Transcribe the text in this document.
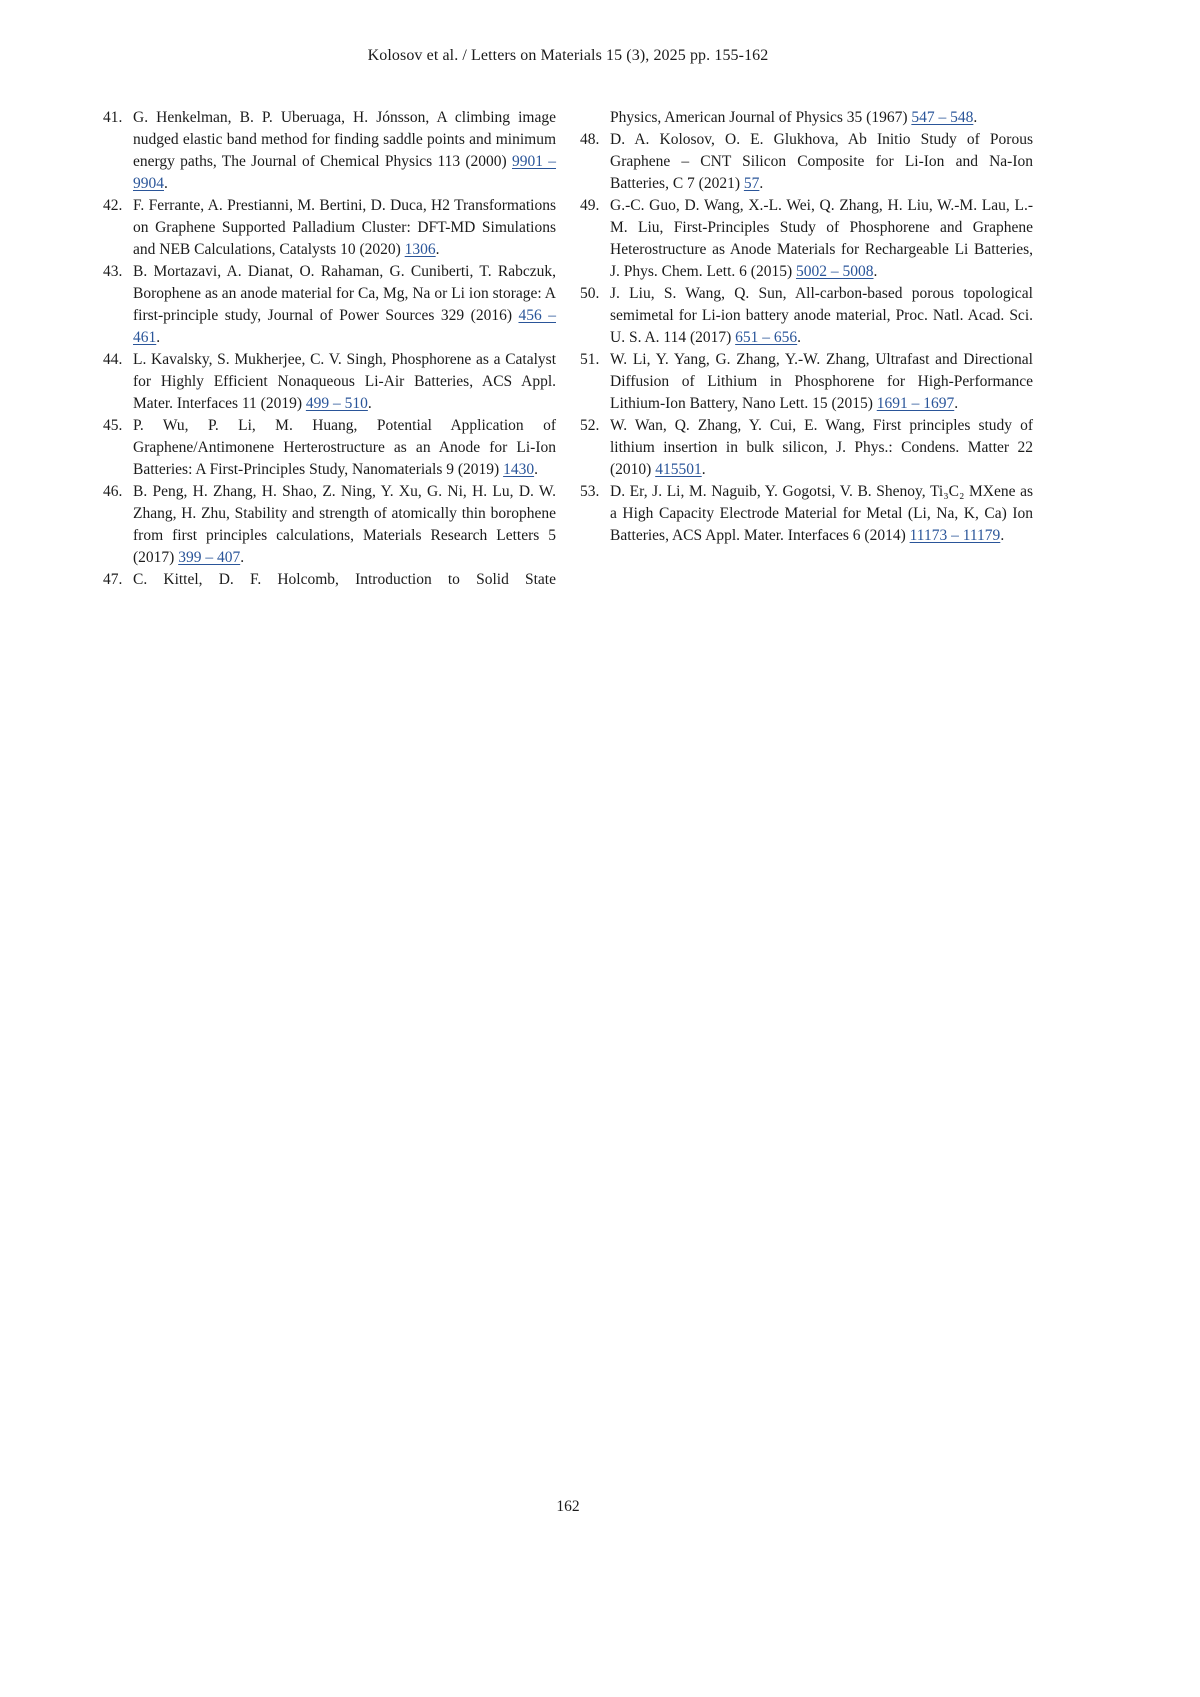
Kolosov et al. / Letters on Materials 15 (3), 2025 pp. 155-162

41. G. Henkelman, B. P. Uberuaga, H. Jónsson, A climbing image nudged elastic band method for finding saddle points and minimum energy paths, The Journal of Chemical Physics 113 (2000) 9901 – 9904.

42. F. Ferrante, A. Prestianni, M. Bertini, D. Duca, H2 Transformations on Graphene Supported Palladium Cluster: DFT-MD Simulations and NEB Calculations, Catalysts 10 (2020) 1306.

43. B. Mortazavi, A. Dianat, O. Rahaman, G. Cuniberti, T. Rabczuk, Borophene as an anode material for Ca, Mg, Na or Li ion storage: A first-principle study, Journal of Power Sources 329 (2016) 456 – 461.

44. L. Kavalsky, S. Mukherjee, C. V. Singh, Phosphorene as a Catalyst for Highly Efficient Nonaqueous Li-Air Batteries, ACS Appl. Mater. Interfaces 11 (2019) 499 – 510.

45. P. Wu, P. Li, M. Huang, Potential Application of Graphene/Antimonene Herterostructure as an Anode for Li-Ion Batteries: A First-Principles Study, Nanomaterials 9 (2019) 1430.

46. B. Peng, H. Zhang, H. Shao, Z. Ning, Y. Xu, G. Ni, H. Lu, D. W. Zhang, H. Zhu, Stability and strength of atomically thin borophene from first principles calculations, Materials Research Letters 5 (2017) 399 – 407.

47. C. Kittel, D. F. Holcomb, Introduction to Solid State

Physics, American Journal of Physics 35 (1967) 547 – 548.

48. D. A. Kolosov, O. E. Glukhova, Ab Initio Study of Porous Graphene – CNT Silicon Composite for Li-Ion and Na-Ion Batteries, C 7 (2021) 57.

49. G.-C. Guo, D. Wang, X.-L. Wei, Q. Zhang, H. Liu, W.-M. Lau, L.-M. Liu, First-Principles Study of Phosphorene and Graphene Heterostructure as Anode Materials for Rechargeable Li Batteries, J. Phys. Chem. Lett. 6 (2015) 5002 – 5008.

50. J. Liu, S. Wang, Q. Sun, All-carbon-based porous topological semimetal for Li-ion battery anode material, Proc. Natl. Acad. Sci. U. S. A. 114 (2017) 651 – 656.

51. W. Li, Y. Yang, G. Zhang, Y.-W. Zhang, Ultrafast and Directional Diffusion of Lithium in Phosphorene for High-Performance Lithium-Ion Battery, Nano Lett. 15 (2015) 1691 – 1697.

52. W. Wan, Q. Zhang, Y. Cui, E. Wang, First principles study of lithium insertion in bulk silicon, J. Phys.: Condens. Matter 22 (2010) 415501.

53. D. Er, J. Li, M. Naguib, Y. Gogotsi, V. B. Shenoy, Ti₃C₂ MXene as a High Capacity Electrode Material for Metal (Li, Na, K, Ca) Ion Batteries, ACS Appl. Mater. Interfaces 6 (2014) 11173 – 11179.

162
